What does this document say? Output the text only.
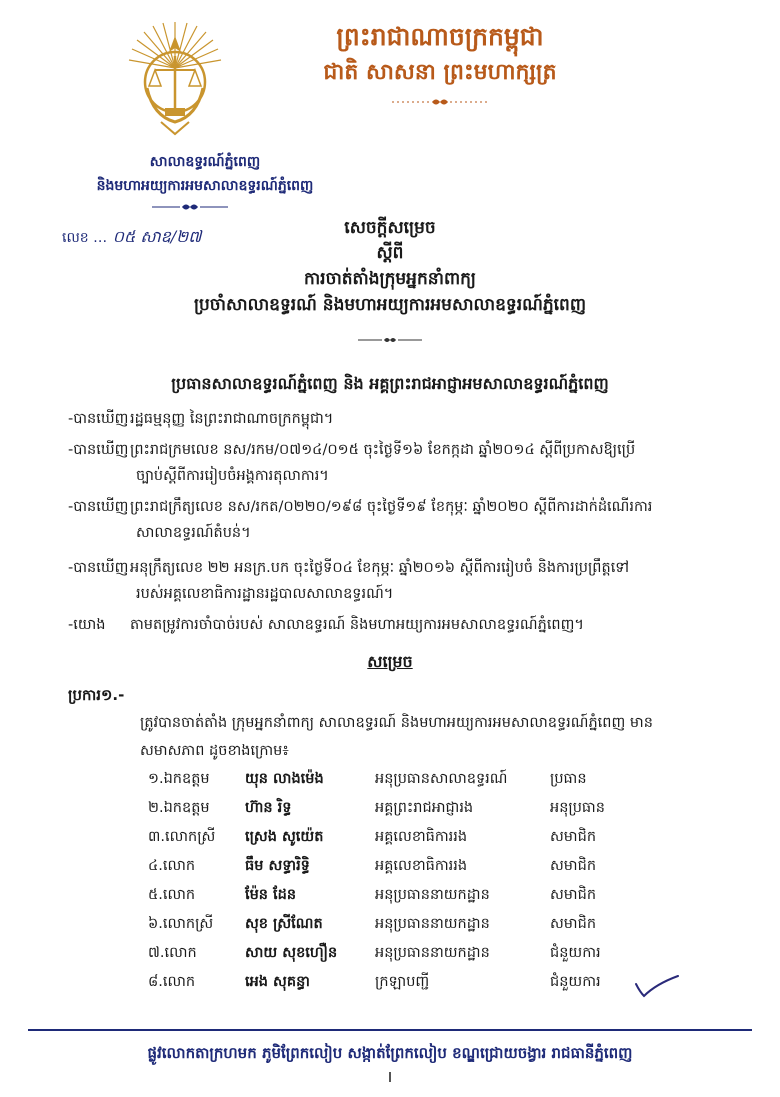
ព្រះរាជាណាចក្រកម្ពុជា
ជាតិ សាសនា ព្រះមហាក្សត្រ
សាលាឧទ្ធរណ៍ភ្នំពេញ
និងមហាអយ្យការអមសាលាឧទ្ធរណ៍ភ្នំពេញ
លេខ … ០៥ សាឧ/២៧	សេចក្ដីសម្រេច
ស្ដីពី
ការចាត់តាំងក្រុមអ្នកនាំពាក្យ
ប្រចាំសាលាឧទ្ធរណ៍ និងមហាអយ្យការអមសាលាឧទ្ធរណ៍ភ្នំពេញ
ប្រធានសាលាឧទ្ធរណ៍ភ្នំពេញ និង អគ្គព្រះរាជអាជ្ញាអមសាលាឧទ្ធរណ៍ភ្នំពេញ
-បានឃើញ រដ្ឋធម្មនុញ្ញ នៃព្រះរាជាណាចក្រកម្ពុជា។
-បានឃើញ ព្រះរាជក្រមលេខ នស/រកម/០៧១៤/០១៥ ចុះថ្ងៃទី១៦ ខែកក្កដា ឆ្នាំ២០១៤ ស្ដីពីប្រកាសឱ្យប្រើ
ច្បាប់ស្ដីពីការរៀបចំអង្គការតុលាការ។
-បានឃើញ ព្រះរាជក្រឹត្យលេខ នស/រកត/០២២០/១៩៨ ចុះថ្ងៃទី១៩ ខែកុម្ភៈ ឆ្នាំ២០២០ ស្ដីពីការដាក់ដំណើរការ
សាលាឧទ្ធរណ៍តំបន់។
-បានឃើញ អនុក្រឹត្យលេខ ២២ អនក្រ.បក ចុះថ្ងៃទី០៤ ខែកុម្ភៈ ឆ្នាំ២០១៦ ស្ដីពីការរៀបចំ និងការប្រព្រឹត្តទៅ
របស់អគ្គលេខាធិការដ្ឋានរដ្ឋបាលសាលាឧទ្ធរណ៍។
-យោង តាមតម្រូវការចាំបាច់របស់ សាលាឧទ្ធរណ៍ និងមហាអយ្យការអមសាលាឧទ្ធរណ៍ភ្នំពេញ។
សម្រេច
ប្រការ១.-
ត្រូវបានចាត់តាំង ក្រុមអ្នកនាំពាក្យ សាលាឧទ្ធរណ៍ និងមហាអយ្យការអមសាលាឧទ្ធរណ៍ភ្នំពេញ មាន
សមាសភាព ដូចខាងក្រោម៖
១.ឯកឧត្ដម យុន លាងម៉េង	អនុប្រធានសាលាឧទ្ធរណ៍	ប្រធាន
២.ឯកឧត្ដម ហ៊ាន រិទ្ធ	អគ្គព្រះរាជអាជ្ញារង	អនុប្រធាន
៣.លោកស្រី ស្រេង សូយ៉េត	អគ្គលេខាធិការរង	សមាជិក
៤.លោក	ធឹម សទ្ធារិទ្ធិ	អគ្គលេខាធិការរង	សមាជិក
៥.លោក	ម៉ែន ដែន	អនុប្រធាននាយកដ្ឋាន	សមាជិក
៦.លោកស្រី សុខ ស្រីណែត	អនុប្រធាននាយកដ្ឋាន	សមាជិក
៧.លោក	សាយ សុខហឿន	អនុប្រធាននាយកដ្ឋាន	ជំនួយការ
៨.លោក	អេង សុគន្ធា	ក្រឡាបញ្ជី	ជំនួយការ
ផ្លូវលោកតាក្រហមក ភូមិព្រែកលៀប សង្កាត់ព្រែកលៀប ខណ្ឌជ្រោយចង្វារ រាជធានីភ្នំពេញ
